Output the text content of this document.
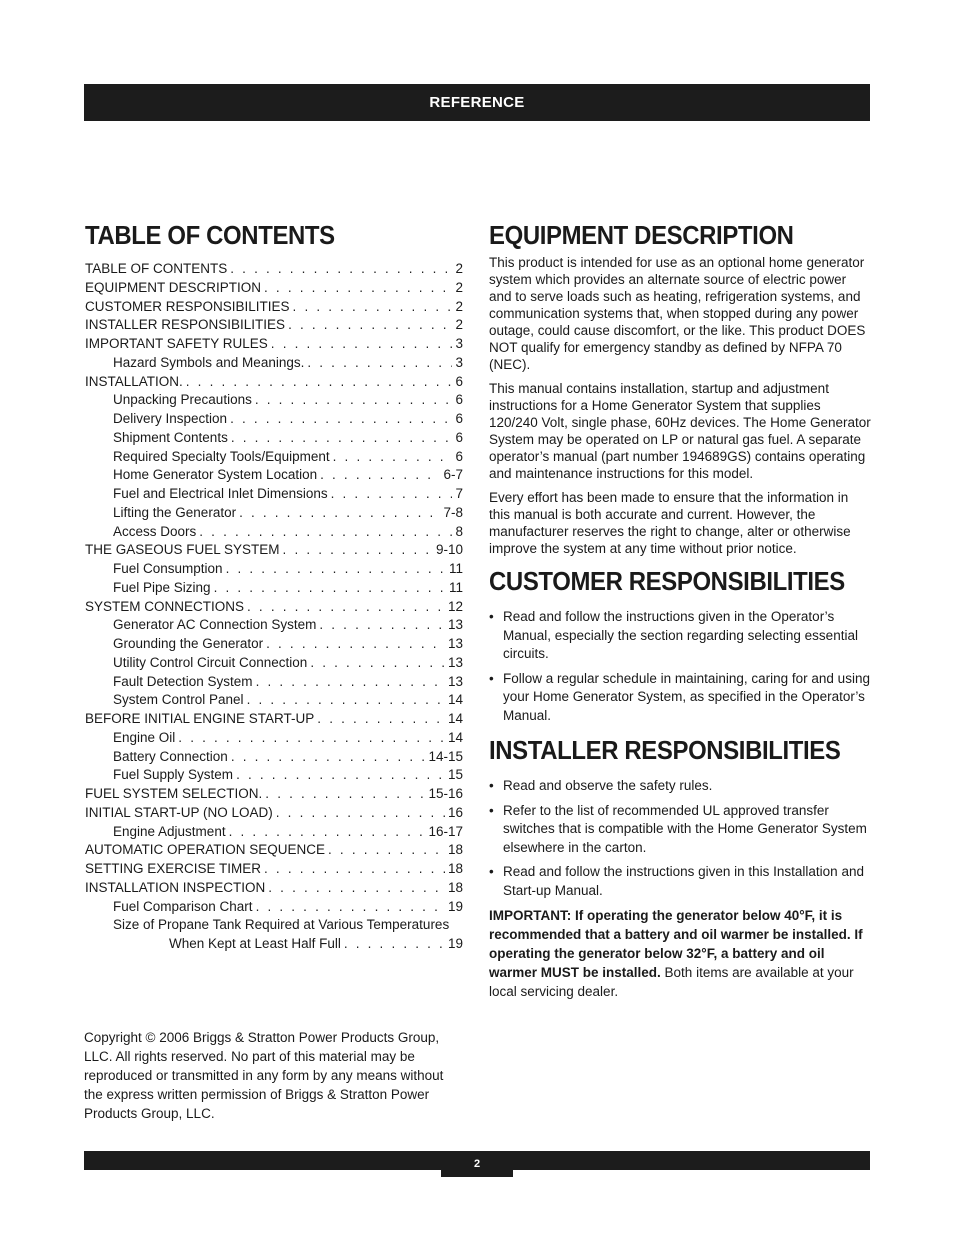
REFERENCE
TABLE OF CONTENTS
TABLE OF CONTENTS . . .	2
EQUIPMENT DESCRIPTION . . .	2
CUSTOMER RESPONSIBILITIES . . .	2
INSTALLER RESPONSIBILITIES . . .	2
IMPORTANT SAFETY RULES . . .	3
Hazard Symbols and Meanings. . . .	3
INSTALLATION. . . .	6
Unpacking Precautions . . .	6
Delivery Inspection . . .	6
Shipment Contents . . .	6
Required Specialty Tools/Equipment . . .	6
Home Generator System Location . . .	6-7
Fuel and Electrical Inlet Dimensions . . .	7
Lifting the Generator . . .	7-8
Access Doors . . .	8
THE GASEOUS FUEL SYSTEM . . .	9-10
Fuel Consumption . . .	11
Fuel Pipe Sizing . . .	11
SYSTEM CONNECTIONS . . .	12
Generator AC Connection System . . .	13
Grounding the Generator . . .	13
Utility Control Circuit Connection . . .	13
Fault Detection System . . .	13
System Control Panel . . .	14
BEFORE INITIAL ENGINE START-UP . . .	14
Engine Oil . . .	14
Battery Connection . . .	14-15
Fuel Supply System . . .	15
FUEL SYSTEM SELECTION. . . .	15-16
INITIAL START-UP (NO LOAD) . . .	16
Engine Adjustment . . .	16-17
AUTOMATIC OPERATION SEQUENCE . . .	18
SETTING EXERCISE TIMER . . .	18
INSTALLATION INSPECTION . . .	18
Fuel Comparison Chart . . .	19
Size of Propane Tank Required at Various Temperatures
When Kept at Least Half Full . . .	19
Copyright © 2006 Briggs & Stratton Power Products Group, LLC. All rights reserved. No part of this material may be reproduced or transmitted in any form by any means without the express written permission of Briggs & Stratton Power Products Group, LLC.
EQUIPMENT DESCRIPTION

This product is intended for use as an optional home generator system which provides an alternate source of electric power and to serve loads such as heating, refrigeration systems, and communication systems that, when stopped during any power outage, could cause discomfort, or the like. This product DOES NOT qualify for emergency standby as defined by NFPA 70 (NEC).

This manual contains installation, startup and adjustment instructions for a Home Generator System that supplies 120/240 Volt, single phase, 60Hz devices. The Home Generator System may be operated on LP or natural gas fuel. A separate operator’s manual (part number 194689GS) contains operating and maintenance instructions for this model.

Every effort has been made to ensure that the information in this manual is both accurate and current. However, the manufacturer reserves the right to change, alter or otherwise improve the system at any time without prior notice.

CUSTOMER RESPONSIBILITIES
• Read and follow the instructions given in the Operator’s Manual, especially the section regarding selecting essential circuits.
• Follow a regular schedule in maintaining, caring for and using your Home Generator System, as specified in the Operator’s Manual.
INSTALLER RESPONSIBILITIES
• Read and observe the safety rules.
• Refer to the list of recommended UL approved transfer switches that is compatible with the Home Generator System elsewhere in the carton.
• Read and follow the instructions given in this Installation and Start-up Manual.

IMPORTANT: If operating the generator below 40°F, it is recommended that a battery and oil warmer be installed. If operating the generator below 32°F, a battery and oil warmer MUST be installed. Both items are available at your local servicing dealer.

2
